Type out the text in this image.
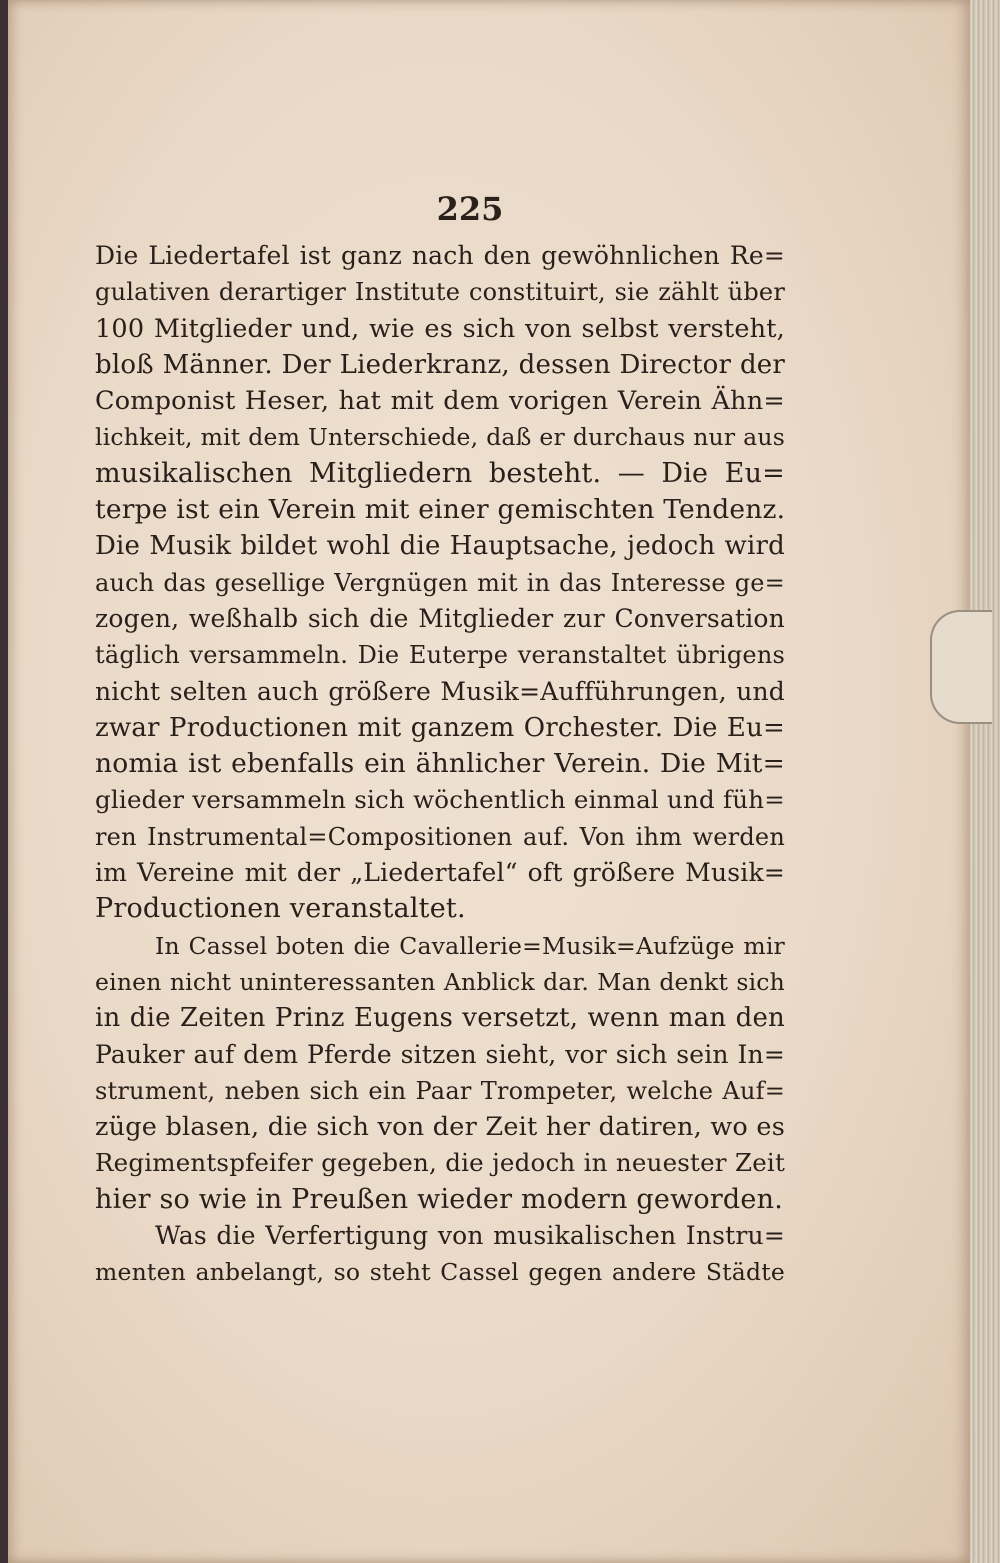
225
Die Liedertafel ist ganz nach den gewöhnlichen Re=
gulativen derartiger Institute constituirt, sie zählt über
100 Mitglieder und, wie es sich von selbst versteht,
bloß Männer. Der Liederkranz, dessen Director der
Componist Heser, hat mit dem vorigen Verein Ähn=
lichkeit, mit dem Unterschiede, daß er durchaus nur aus
musikalischen Mitgliedern besteht. — Die Eu=
terpe ist ein Verein mit einer gemischten Tendenz.
Die Musik bildet wohl die Hauptsache, jedoch wird
auch das gesellige Vergnügen mit in das Interesse ge=
zogen, weßhalb sich die Mitglieder zur Conversation
täglich versammeln. Die Euterpe veranstaltet übrigens
nicht selten auch größere Musik=Aufführungen, und
zwar Productionen mit ganzem Orchester. Die Eu=
nomia ist ebenfalls ein ähnlicher Verein. Die Mit=
glieder versammeln sich wöchentlich einmal und füh=
ren Instrumental=Compositionen auf. Von ihm werden
im Vereine mit der „Liedertafel“ oft größere Musik=
Productionen veranstaltet.
In Cassel boten die Cavallerie=Musik=Aufzüge mir
einen nicht uninteressanten Anblick dar. Man denkt sich
in die Zeiten Prinz Eugens versetzt, wenn man den
Pauker auf dem Pferde sitzen sieht, vor sich sein In=
strument, neben sich ein Paar Trompeter, welche Auf=
züge blasen, die sich von der Zeit her datiren, wo es
Regimentspfeifer gegeben, die jedoch in neuester Zeit
hier so wie in Preußen wieder modern geworden.
Was die Verfertigung von musikalischen Instru=
menten anbelangt, so steht Cassel gegen andere Städte
